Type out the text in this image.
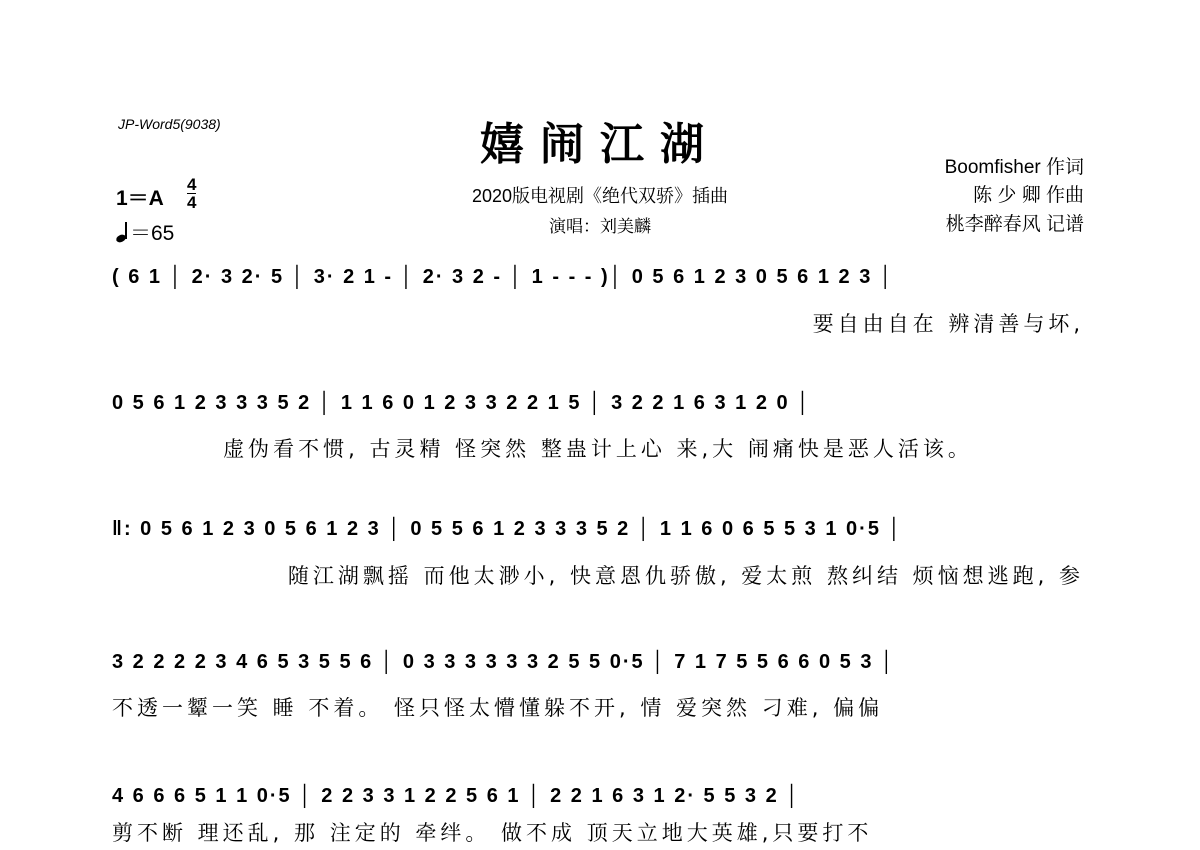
JP-Word5(9038)	嬉闹江湖
2020版电视剧《绝代双骄》插曲
演唱：刘美麟
Boomfisher 作词
陈 少 卿 作曲
桃李醉春风 记谱
$1=A \frac{4}{4}$
＝65
( 6 1 │ 2· 3 2· 5 │ 3· 2 1 - │ 2· 3 2 - │ 1 - - - )│ 0 5 6 1 2 3 0 5 6 1 2 3 │
要自由自在 辨清善与坏,
0 5 6 1 2 3 3 3 5 2 │ 1 1 6 0 1 2 3 3 2 2 1 5 │ 3 2 2 1 6 3 1 2 0 │
虚伪看不惯, 古灵精 怪突然 整蛊计上心 来,大 闹痛快是恶人活该。
‖: 0 5 6 1 2 3 0 5 6 1 2 3 │ 0 5 5 6 1 2 3 3 3 5 2 │ 1 1 6 0 6 5 5 3 1 0·5 │
随江湖飘摇 而他太渺小, 快意恩仇骄傲, 爱太煎 熬纠结 烦恼想逃跑, 参
3 2 2 2 2 3 4 6 5 3 5 5 6 │ 0 3 3 3 3 3 3 2 5 5 0·5 │ 7 1 7 5 5 6 6 0 5 3 │
不透一颦一笑 睡 不着。 怪只怪太懵懂躲不开, 情 爱突然 刁难, 偏偏
4 6 6 6 5 1 1 0·5 │ 2 2 3 3 1 2 2 5 6 1 │ 2 2 1 6 3 1 2· 5 5 3 2 │
剪不断 理还乱, 那 注定的 牵绊。 做不成 顶天立地大英雄,只要打不
